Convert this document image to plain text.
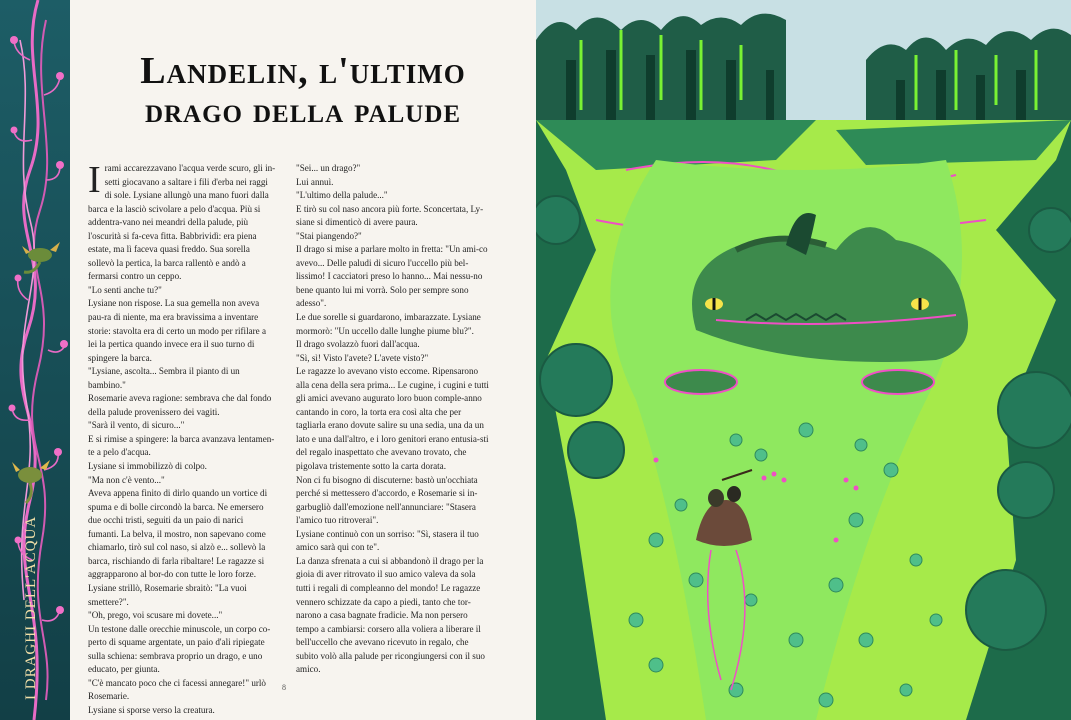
I DRAGHI DELL'ACQUA
Landelin, l'ultimo
drago della palude

I rami accarezzavano l'acqua verde scuro, gli in-setti giocavano a saltare i fili d'erba nei raggi di sole. Lysiane allungò una mano fuori dalla barca e la lasciò scivolare a pelo d'acqua. Più si addentra-vano nei meandri della palude, più l'oscurità si fa-ceva fitta. Babbrividì: era piena estate, ma lì faceva quasi freddo. Sua sorella sollevò la pertica, la barca rallentò e andò a fermarsi contro un ceppo.

"Lo senti anche tu?"

Lysiane non rispose. La sua gemella non aveva pau-ra di niente, ma era bravissima a inventare storie: stavolta era di certo un modo per rifilare a lei la pertica quando invece era il suo turno di spingere la barca.

"Lysiane, ascolta... Sembra il pianto di un bambino."

Rosemarie aveva ragione: sembrava che dal fondo della palude provenissero dei vagiti.

"Sarà il vento, di sicuro..."

E si rimise a spingere: la barca avanzava lentamen-te a pelo d'acqua.

Lysiane si immobilizzò di colpo.

"Ma non c'è vento..."

Aveva appena finito di dirlo quando un vortice di spuma e di bolle circondò la barca. Ne emersero due occhi tristi, seguiti da un paio di narici fumanti. La belva, il mostro, non sapevano come chiamarlo, tirò sul col naso, si alzò e... sollevò la barca, rischiando di farla ribaltare! Le ragazze si aggrapparono al bor-do con tutte le loro forze. Lysiane strillò, Rosemarie sbraitò: "La vuoi smettere?".

"Oh, prego, voi scusare mi dovete..."

Un testone dalle orecchie minuscole, un corpo co-perto di squame argentate, un paio d'ali ripiegate sulla schiena: sembrava proprio un drago, e uno educato, per giunta.

"C'è mancato poco che ci facessi annegare!" urlò Rosemarie.

Lysiane si sporse verso la creatura.

"Sei... un drago?"

Lui annuì.

"L'ultimo della palude..."

E tirò su col naso ancora più forte. Sconcertata, Ly-siane si dimenticò di avere paura.

"Stai piangendo?"

Il drago si mise a parlare molto in fretta: "Un ami-co avevo... Delle paludi di sicuro l'uccello più bel-lissimo! I cacciatori preso lo hanno... Mai nessu-no bene quanto lui mi vorrà. Solo per sempre sono adesso".

Le due sorelle si guardarono, imbarazzate. Lysiane mormorò: "Un uccello dalle lunghe piume blu?".

Il drago svolazzò fuori dall'acqua.

"Sì, sì! Visto l'avete? L'avete visto?"

Le ragazze lo avevano visto eccome. Ripensarono alla cena della sera prima... Le cugine, i cugini e tutti gli amici avevano augurato loro buon comple-anno cantando in coro, la torta era così alta che per tagliarla erano dovute salire su una sedia, una da un lato e una dall'altro, e i loro genitori erano entusia-sti del regalo inaspettato che avevano trovato, che pigolava tristemente sotto la carta dorata.

Non ci fu bisogno di discuterne: bastò un'occhiata perché si mettessero d'accordo, e Rosemarie si in-garbugliò dall'emozione nell'annunciare: "Stasera l'amico tuo ritroverai".

Lysiane continuò con un sorriso: "Sì, stasera il tuo amico sarà qui con te".

La danza sfrenata a cui si abbandonò il drago per la gioia di aver ritrovato il suo amico valeva da sola tutti i regali di compleanno del mondo! Le ragazze vennero schizzate da capo a piedi, tanto che tor-narono a casa bagnate fradicie. Ma non persero tempo a cambiarsi: corsero alla voliera a liberare il bell'uccello che avevano ricevuto in regalo, che subito volò alla palude per ricongiungersi con il suo amico.

8
